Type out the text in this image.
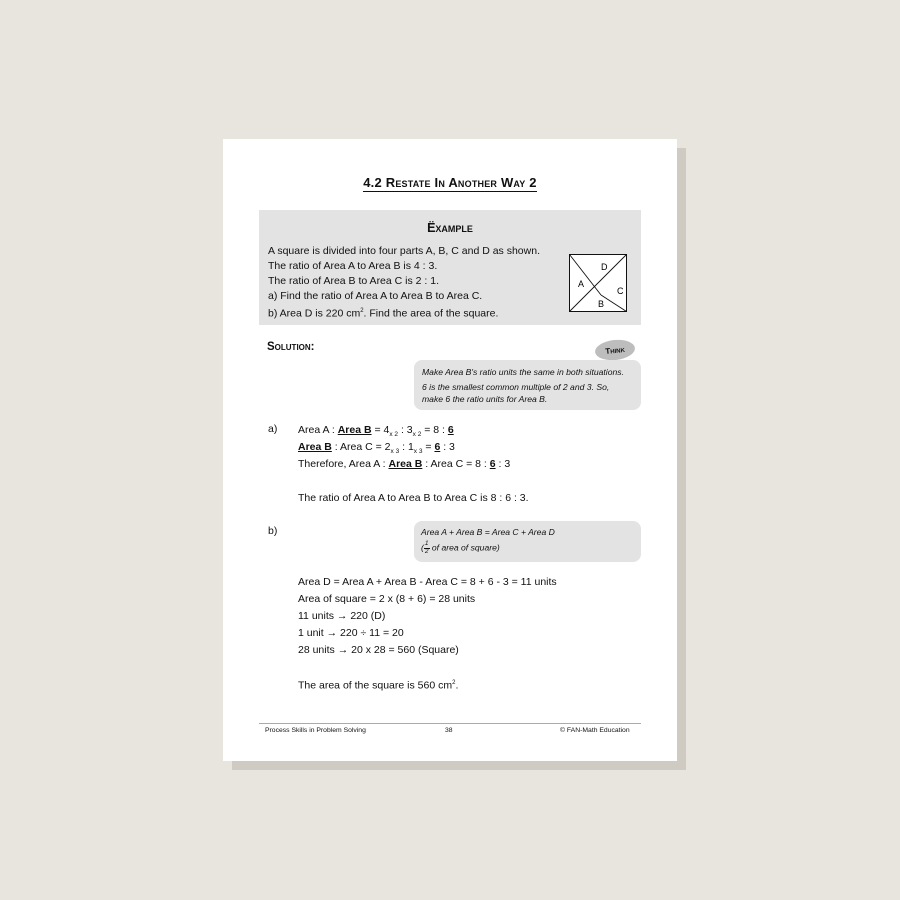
4.2 Restate In Another Way 2
Ëxample
A square is divided into four parts A, B, C and D as shown.
The ratio of Area A to Area B is 4 : 3.
The ratio of Area B to Area C is 2 : 1.
a) Find the ratio of Area A to Area B to Area C.
b) Area D is 220 $cm^2$. Find the area of the square.
D
A
C
B
Solution:	Think
Make Area B's ratio units the same in both situations.
6 is the smallest common multiple of 2 and 3. So,
make 6 the ratio units for Area B.
a) Area A : Area $B = 4_{x 2}$ : $3_{x 2} = 8$ : 6
Area B : Area $C = 2_{x 3}$ : $1_{x 3} = 6$ : 3
Therefore, Area A : Area B : Area C = 8 : 6 : 3
The ratio of Area A to Area B to Area C is 8 : 6 : 3.
b)	Area A + Area B = Area C + Area D
( $\frac{1}{2}$ of area of square)
Area D = Area A + Area B - Area C = 8 + 6 - 3 = 11 units
Area of square = 2 x (8 + 6) = 28 units
11 units → 220 (D)
1 unit → 220 ÷ 11 = 20
28 units → 20 x 28 = 560 (Square)
The area of the square is 560 $cm^2$.
Process Skills in Problem Solving	38	© FAN-Math Education
